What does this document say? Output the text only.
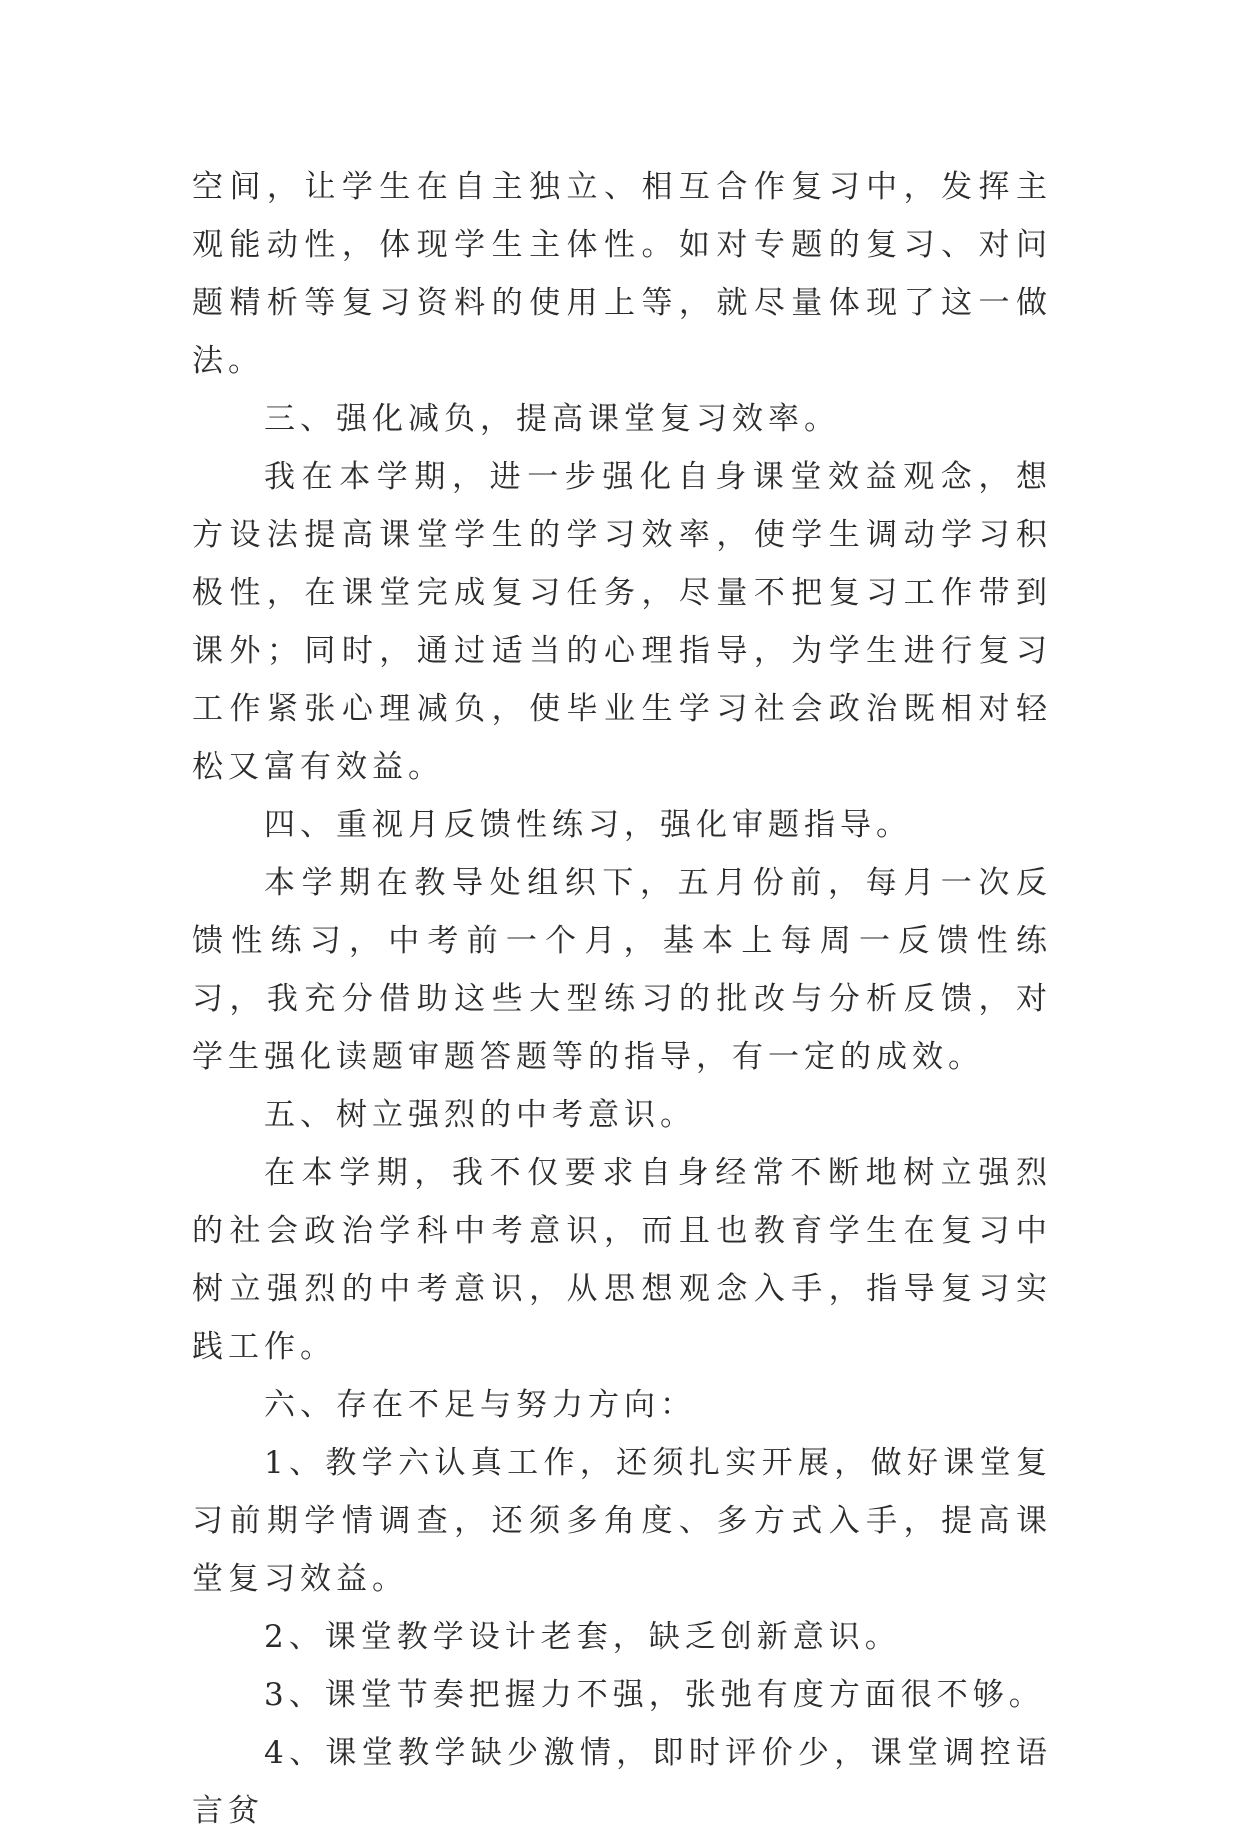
空间，让学生在自主独立、相互合作复习中，发挥主观能动性，体现学生主体性。如对专题的复习、对问题精析等复习资料的使用上等，就尽量体现了这一做法。

三、强化减负，提高课堂复习效率。

我在本学期，进一步强化自身课堂效益观念，想方设法提高课堂学生的学习效率，使学生调动学习积极性，在课堂完成复习任务，尽量不把复习工作带到课外；同时，通过适当的心理指导，为学生进行复习工作紧张心理减负，使毕业生学习社会政治既相对轻松又富有效益。

四、重视月反馈性练习，强化审题指导。

本学期在教导处组织下，五月份前，每月一次反馈性练习，中考前一个月，基本上每周一反馈性练习，我充分借助这些大型练习的批改与分析反馈，对学生强化读题审题答题等的指导，有一定的成效。

五、树立强烈的中考意识。

在本学期，我不仅要求自身经常不断地树立强烈的社会政治学科中考意识，而且也教育学生在复习中树立强烈的中考意识，从思想观念入手，指导复习实践工作。

六、存在不足与努力方向：

1、教学六认真工作，还须扎实开展，做好课堂复习前期学情调查，还须多角度、多方式入手，提高课堂复习效益。

2、课堂教学设计老套，缺乏创新意识。

3、课堂节奏把握力不强，张弛有度方面很不够。

4、课堂教学缺少激情，即时评价少，课堂调控语言贫
